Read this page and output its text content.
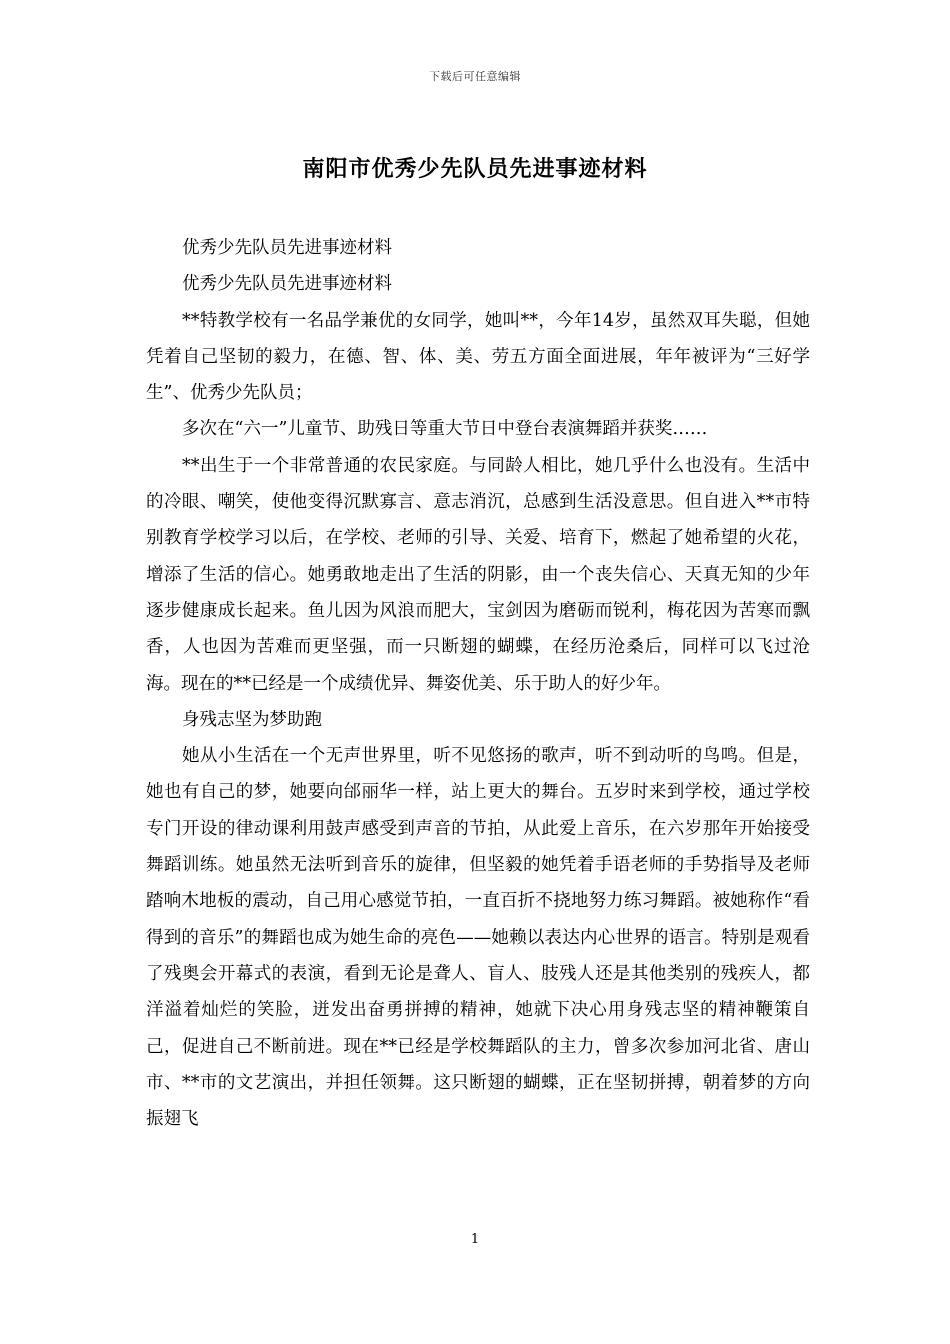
下载后可任意编辑
南阳市优秀少先队员先进事迹材料

优秀少先队员先进事迹材料

优秀少先队员先进事迹材料

**特教学校有一名品学兼优的女同学，她叫**，今年14岁，虽然双耳失聪，但她凭着自己坚韧的毅力，在德、智、体、美、劳五方面全面进展，年年被评为“三好学生”、优秀少先队员；

多次在“六一”儿童节、助残日等重大节日中登台表演舞蹈并获奖……

**出生于一个非常普通的农民家庭。与同龄人相比，她几乎什么也没有。生活中的冷眼、嘲笑，使他变得沉默寡言、意志消沉，总感到生活没意思。但自进入**市特别教育学校学习以后，在学校、老师的引导、关爱、培育下，燃起了她希望的火花，增添了生活的信心。她勇敢地走出了生活的阴影，由一个丧失信心、天真无知的少年逐步健康成长起来。鱼儿因为风浪而肥大，宝剑因为磨砺而锐利，梅花因为苦寒而飘香，人也因为苦难而更坚强，而一只断翅的蝴蝶，在经历沧桑后，同样可以飞过沧海。现在的**已经是一个成绩优异、舞姿优美、乐于助人的好少年。

身残志坚为梦助跑

她从小生活在一个无声世界里，听不见悠扬的歌声，听不到动听的鸟鸣。但是，她也有自己的梦，她要向邰丽华一样，站上更大的舞台。五岁时来到学校，通过学校专门开设的律动课利用鼓声感受到声音的节拍，从此爱上音乐，在六岁那年开始接受舞蹈训练。她虽然无法听到音乐的旋律，但坚毅的她凭着手语老师的手势指导及老师踏响木地板的震动，自己用心感觉节拍，一直百折不挠地努力练习舞蹈。被她称作“看得到的音乐”的舞蹈也成为她生命的亮色——她赖以表达内心世界的语言。特别是观看了残奥会开幕式的表演，看到无论是聋人、盲人、肢残人还是其他类别的残疾人，都洋溢着灿烂的笑脸，迸发出奋勇拼搏的精神，她就下决心用身残志坚的精神鞭策自己，促进自己不断前进。现在**已经是学校舞蹈队的主力，曾多次参加河北省、唐山市、**市的文艺演出，并担任领舞。这只断翅的蝴蝶，正在坚韧拼搏，朝着梦的方向振翅飞

1
